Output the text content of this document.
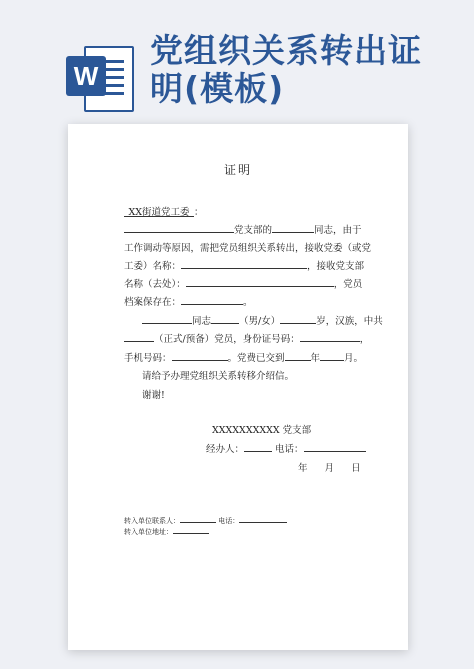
W
党组织关系转出证
明(模板)
证明
XX街道党工委 ：
党支部的	同志，由于
工作调动等原因，需把党员组织关系转出，接收党委（或党
工委）名称：	，接收党支部
名称（去处）：	，党员
档案保存在：	。
同志	（男/女）	岁，汉族，中共
（正式/预备）党员，身份证号码：	，
手机号码：	。党费已交到	年	月。
请给予办理党组织关系转移介绍信。
谢谢!
XXXXXXXXXX 党支部
经办人：	电话：
年 月 日
转入单位联系人：	电话：
转入单位地址：
